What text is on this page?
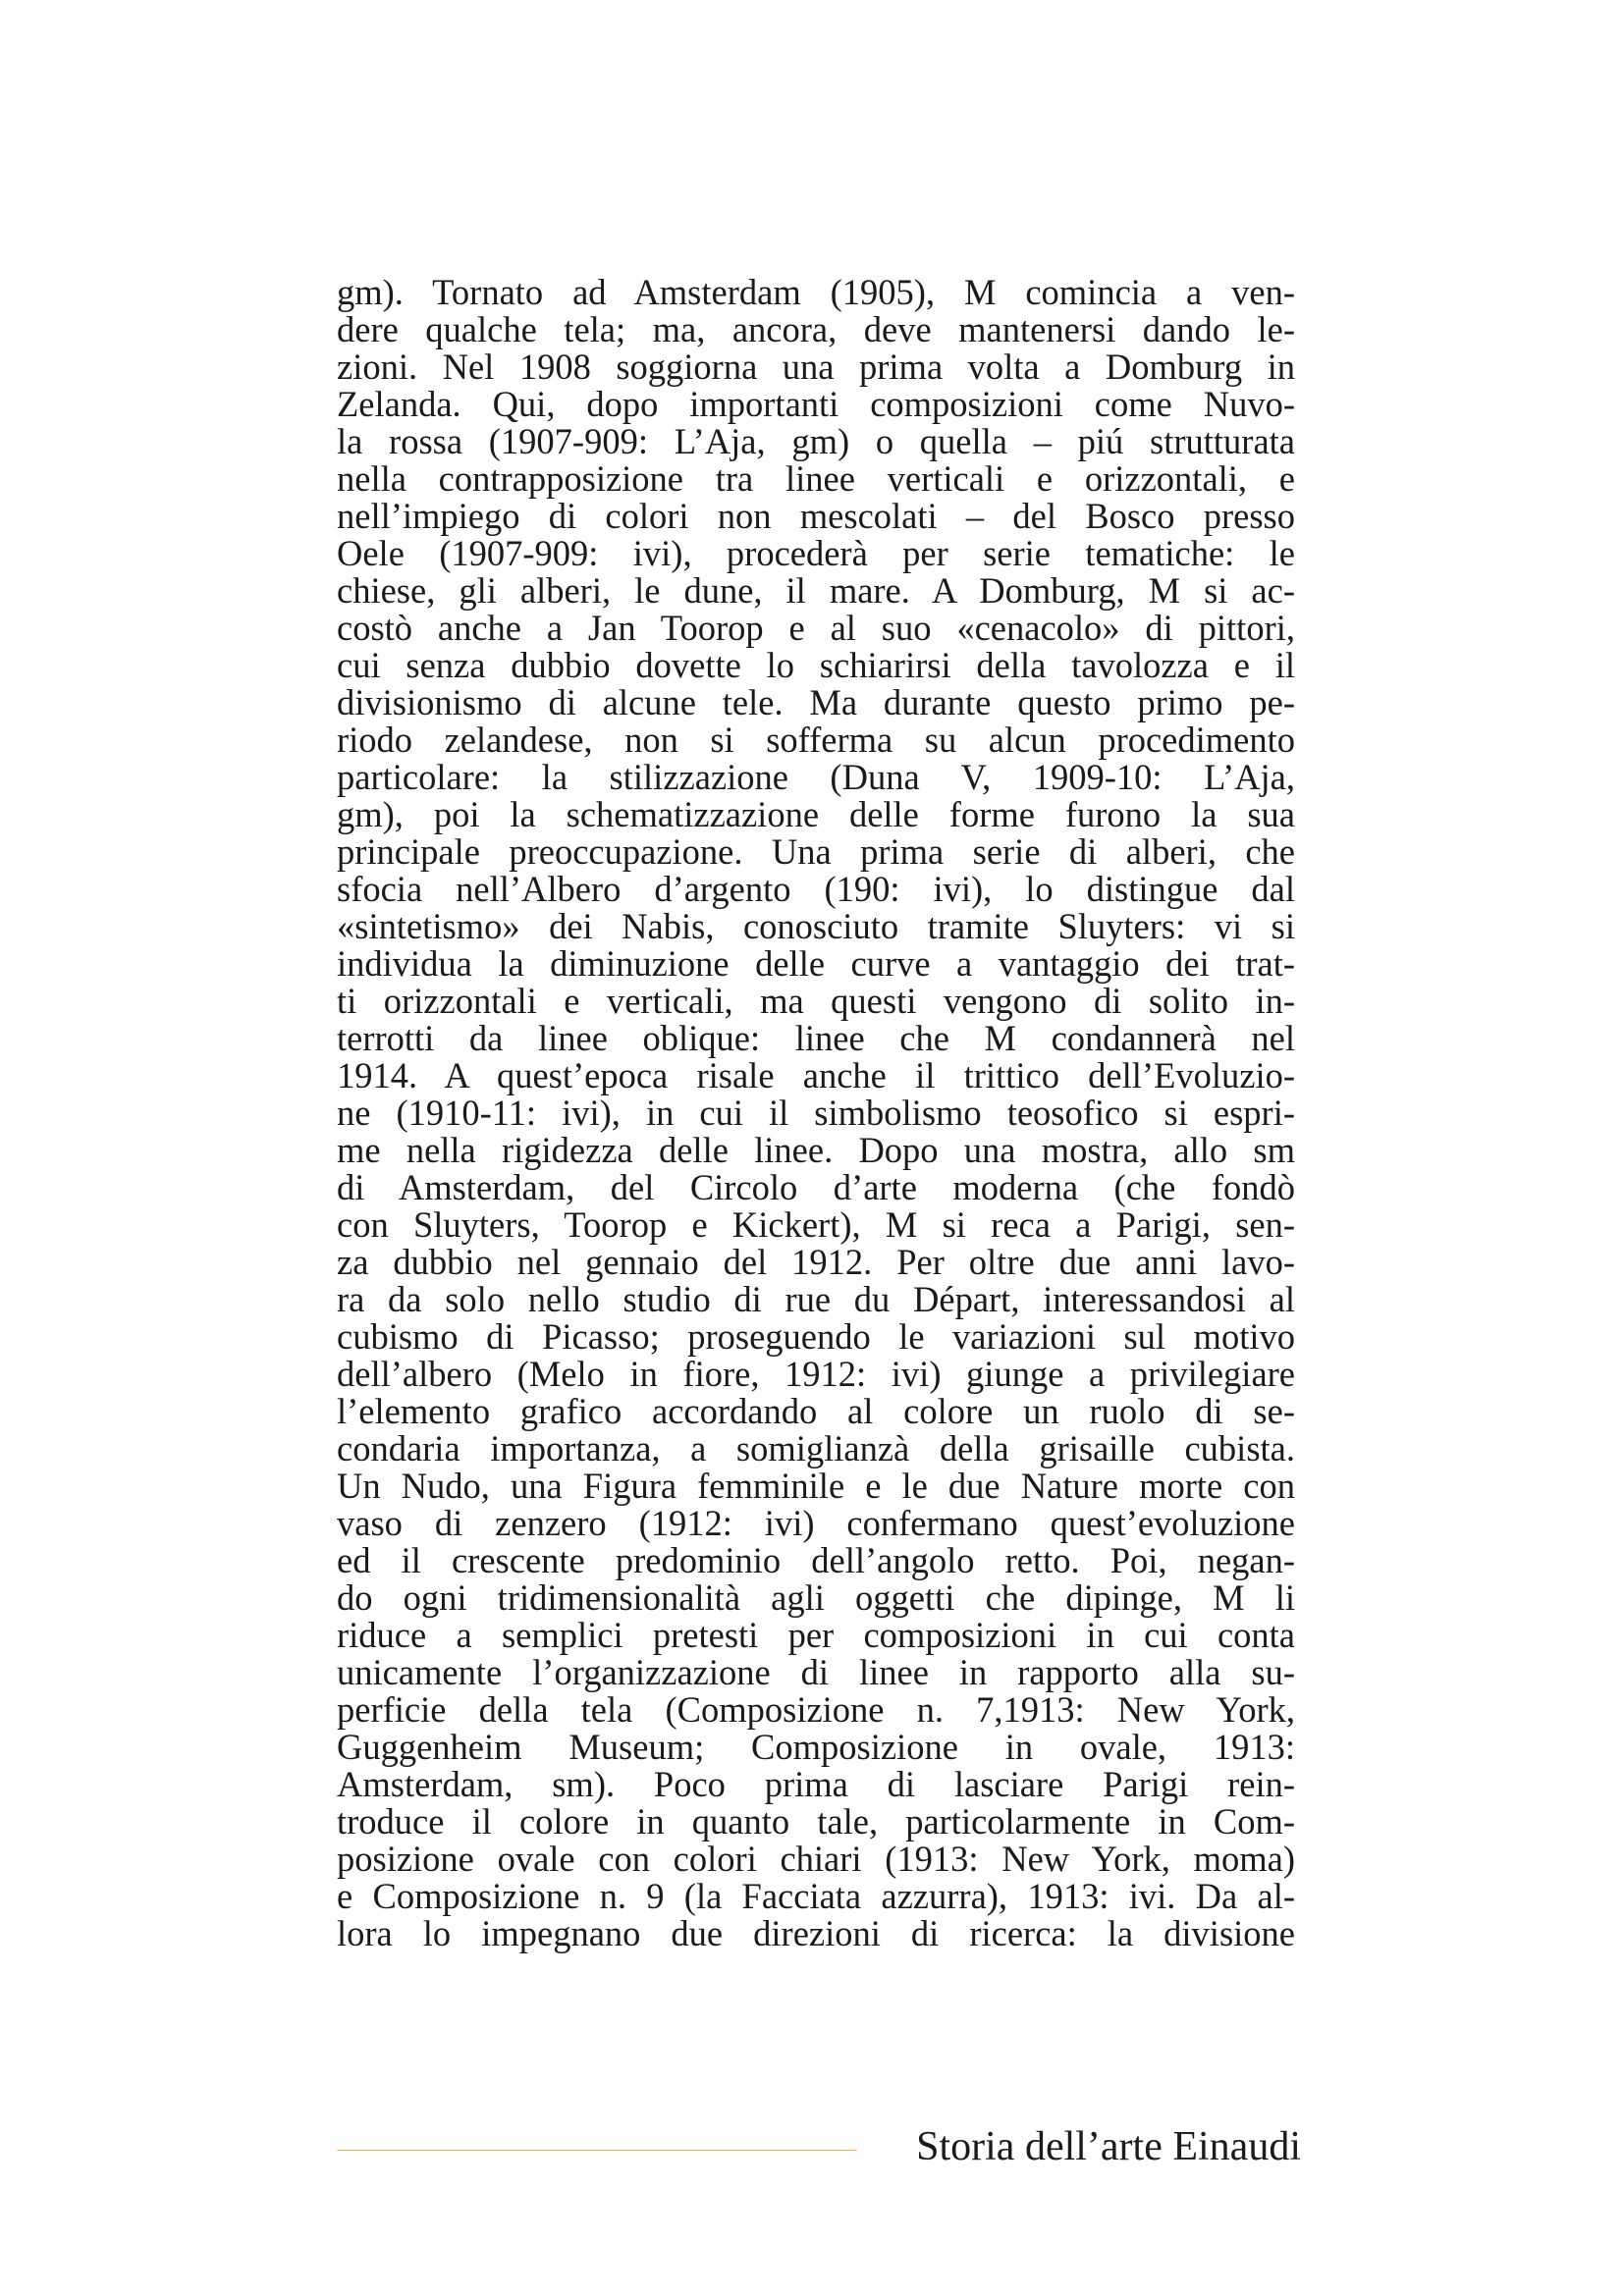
gm). Tornato ad Amsterdam (1905), M comincia a ven-
dere qualche tela; ma, ancora, deve mantenersi dando le-
zioni. Nel 1908 soggiorna una prima volta a Domburg in
Zelanda. Qui, dopo importanti composizioni come Nuvo-
la rossa (1907-909: L’Aja, gm) o quella – piú strutturata
nella contrapposizione tra linee verticali e orizzontali, e
nell’impiego di colori non mescolati – del Bosco presso
Oele (1907-909: ivi), procederà per serie tematiche: le
chiese, gli alberi, le dune, il mare. A Domburg, M si ac-
costò anche a Jan Toorop e al suo «cenacolo» di pittori,
cui senza dubbio dovette lo schiarirsi della tavolozza e il
divisionismo di alcune tele. Ma durante questo primo pe-
riodo zelandese, non si sofferma su alcun procedimento
particolare: la stilizzazione (Duna V, 1909-10: L’Aja,
gm), poi la schematizzazione delle forme furono la sua
principale preoccupazione. Una prima serie di alberi, che
sfocia nell’Albero d’argento (190: ivi), lo distingue dal
«sintetismo» dei Nabis, conosciuto tramite Sluyters: vi si
individua la diminuzione delle curve a vantaggio dei trat-
ti orizzontali e verticali, ma questi vengono di solito in-
terrotti da linee oblique: linee che M condannerà nel
1914. A quest’epoca risale anche il trittico dell’Evoluzio-
ne (1910-11: ivi), in cui il simbolismo teosofico si espri-
me nella rigidezza delle linee. Dopo una mostra, allo sm
di Amsterdam, del Circolo d’arte moderna (che fondò
con Sluyters, Toorop e Kickert), M si reca a Parigi, sen-
za dubbio nel gennaio del 1912. Per oltre due anni lavo-
ra da solo nello studio di rue du Départ, interessandosi al
cubismo di Picasso; proseguendo le variazioni sul motivo
dell’albero (Melo in fiore, 1912: ivi) giunge a privilegiare
l’elemento grafico accordando al colore un ruolo di se-
condaria importanza, a somiglianzà della grisaille cubista.
Un Nudo, una Figura femminile e le due Nature morte con
vaso di zenzero (1912: ivi) confermano quest’evoluzione
ed il crescente predominio dell’angolo retto. Poi, negan-
do ogni tridimensionalità agli oggetti che dipinge, M li
riduce a semplici pretesti per composizioni in cui conta
unicamente l’organizzazione di linee in rapporto alla su-
perficie della tela (Composizione n. 7,1913: New York,
Guggenheim Museum; Composizione in ovale, 1913:
Amsterdam, sm). Poco prima di lasciare Parigi rein-
troduce il colore in quanto tale, particolarmente in Com-
posizione ovale con colori chiari (1913: New York, moma)
e Composizione n. 9 (la Facciata azzurra), 1913: ivi. Da al-
lora lo impegnano due direzioni di ricerca: la divisione
Storia dell’arte Einaudi
